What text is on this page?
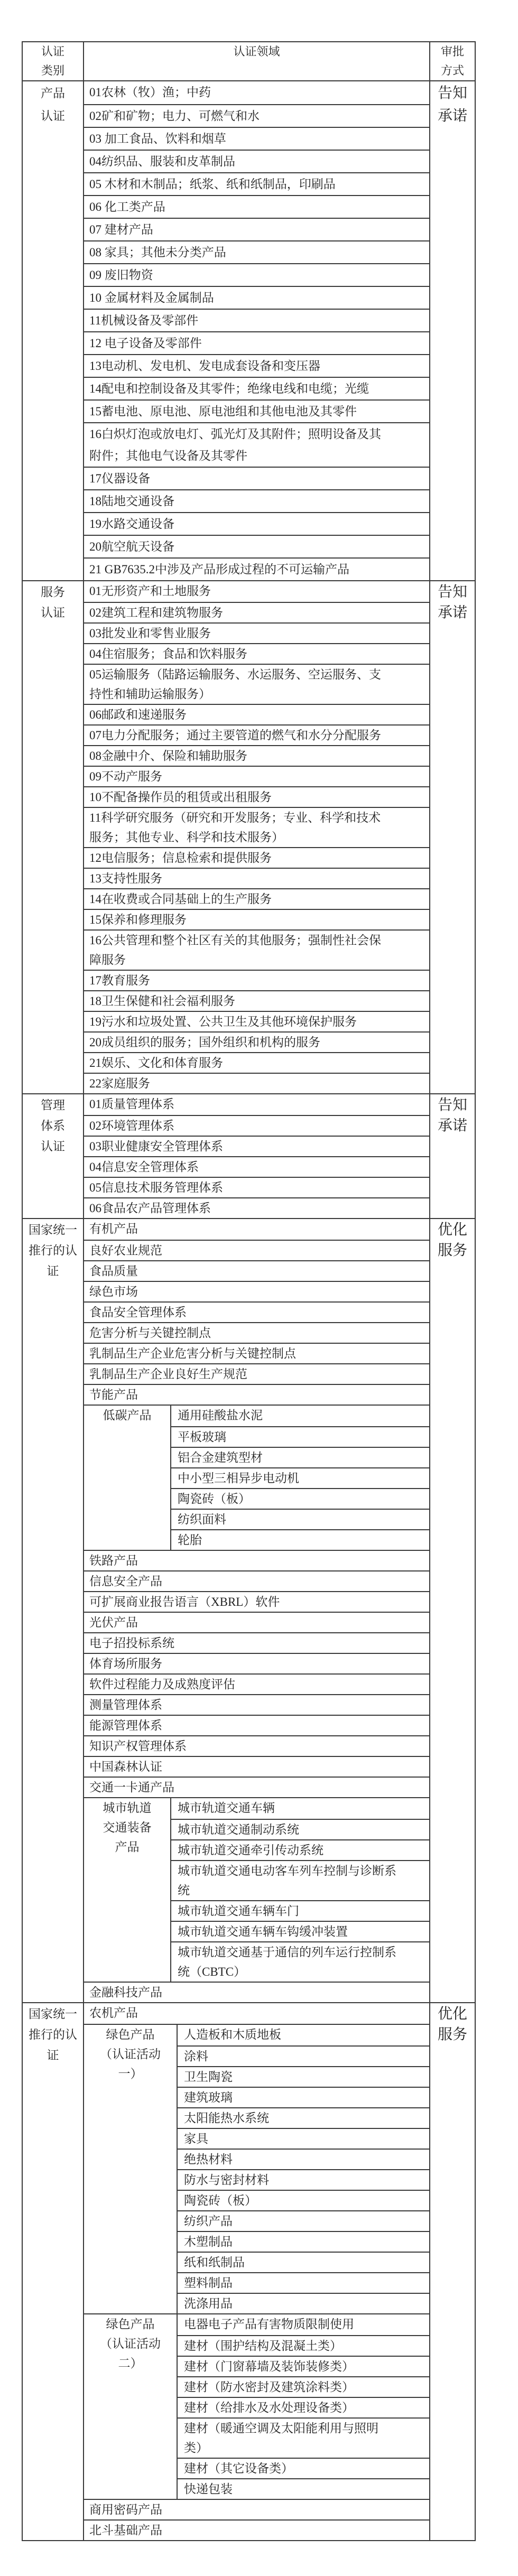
认证
类别
认证领域	审批
方式
产品
认证
01农林（牧）渔；中药
02矿和矿物；电力、可燃气和水
03 加工食品、饮料和烟草
04纺织品、服装和皮革制品
05 木材和木制品；纸浆、纸和纸制品，印刷品
06 化工类产品
07 建材产品
08 家具；其他未分类产品
09 废旧物资
10 金属材料及金属制品
11机械设备及零部件
12 电子设备及零部件
13电动机、发电机、发电成套设备和变压器
14配电和控制设备及其零件；绝缘电线和电缆；光缆
15蓄电池、原电池、原电池组和其他电池及其零件
16白炽灯泡或放电灯、弧光灯及其附件；照明设备及其
附件；其他电气设备及其零件
17仪器设备
18陆地交通设备
19水路交通设备
20航空航天设备
21 GB7635.2中涉及产品形成过程的不可运输产品
告知
承诺
服务
认证
01无形资产和土地服务
02建筑工程和建筑物服务
03批发业和零售业服务
04住宿服务；食品和饮料服务
05运输服务（陆路运输服务、水运服务、空运服务、支
持性和辅助运输服务）
06邮政和速递服务
07电力分配服务；通过主要管道的燃气和水分分配服务
08金融中介、保险和辅助服务
09不动产服务
10不配备操作员的租赁或出租服务
11科学研究服务（研究和开发服务；专业、科学和技术
服务；其他专业、科学和技术服务）
12电信服务；信息检索和提供服务
13支持性服务
14在收费或合同基础上的生产服务
15保养和修理服务
16公共管理和整个社区有关的其他服务；强制性社会保
障服务
17教育服务
18卫生保健和社会福利服务
19污水和垃圾处置、公共卫生及其他环境保护服务
20成员组织的服务；国外组织和机构的服务
21娱乐、文化和体育服务
22家庭服务
告知
承诺
管理
体系
认证
01质量管理体系
02环境管理体系
03职业健康安全管理体系
04信息安全管理体系
05信息技术服务管理体系
06食品农产品管理体系
告知
承诺
国家统一
推行的认
证
有机产品
良好农业规范
食品质量
绿色市场
食品安全管理体系
危害分析与关键控制点
乳制品生产企业危害分析与关键控制点
乳制品生产企业良好生产规范
节能产品
低碳产品	通用硅酸盐水泥
平板玻璃
铝合金建筑型材
中小型三相异步电动机
陶瓷砖（板）
纺织面料
轮胎
铁路产品
信息安全产品
可扩展商业报告语言（XBRL）软件
光伏产品
电子招投标系统
体育场所服务
软件过程能力及成熟度评估
测量管理体系
能源管理体系
知识产权管理体系
中国森林认证
交通一卡通产品
城市轨道
交通装备
产品
城市轨道交通车辆
城市轨道交通制动系统
城市轨道交通牵引传动系统
城市轨道交通电动客车列车控制与诊断系
统
城市轨道交通车辆车门
城市轨道交通车辆车钩缓冲装置
城市轨道交通基于通信的列车运行控制系
统（CBTC）
金融科技产品
优化
服务
国家统一
推行的认
证
农机产品
绿色产品
（认证活动
一）
人造板和木质地板
涂料
卫生陶瓷
建筑玻璃
太阳能热水系统
家具
绝热材料
防水与密封材料
陶瓷砖（板）
纺织产品
木塑制品
纸和纸制品
塑料制品
洗涤用品
绿色产品
（认证活动
二）
电器电子产品有害物质限制使用
建材（围护结构及混凝土类）
建材（门窗幕墙及装饰装修类）
建材（防水密封及建筑涂料类）
建材（给排水及水处理设备类）
建材（暖通空调及太阳能利用与照明
类）
建材（其它设备类）
快递包装
商用密码产品
北斗基础产品
优化
服务
